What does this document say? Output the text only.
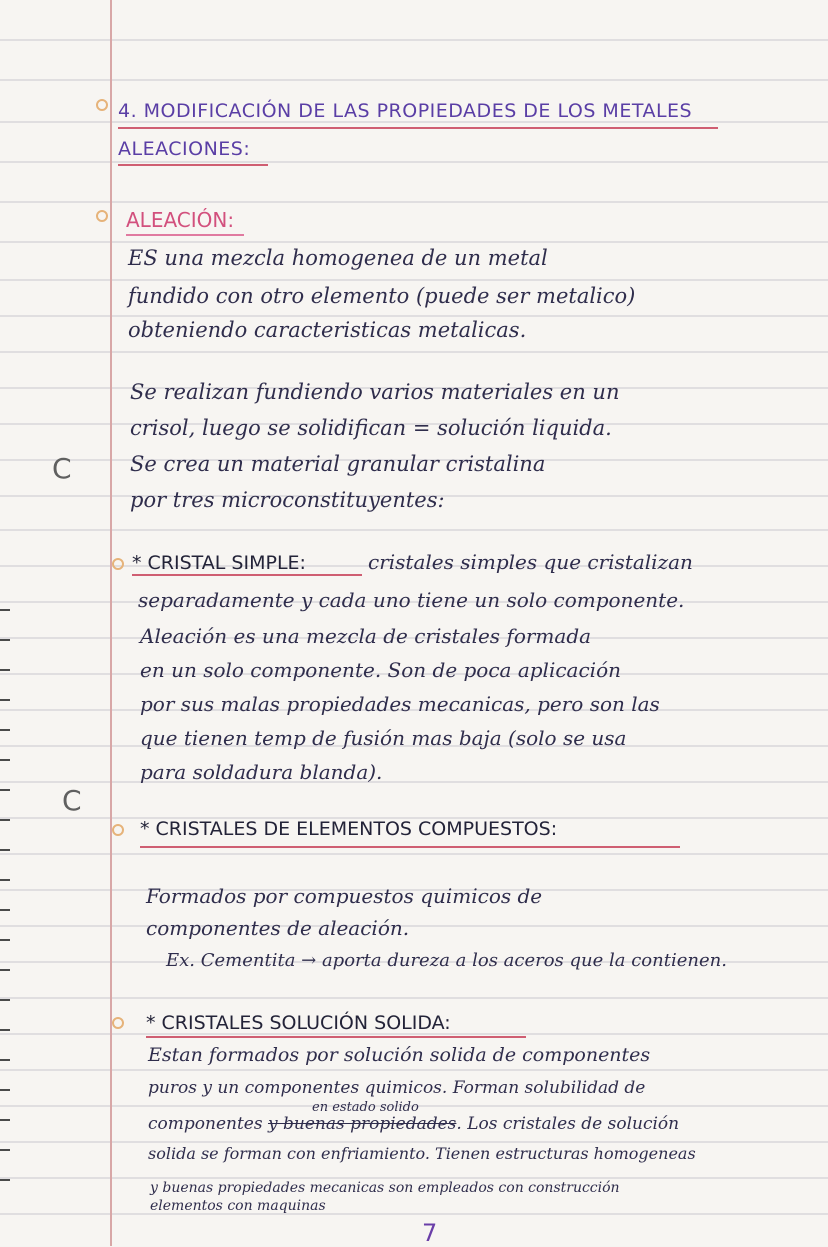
C
C
4. MODIFICACIÓN DE LAS PROPIEDADES DE LOS METALES
ALEACIONES:
ALEACIÓN:
ES una mezcla homogenea de un metal
fundido con otro elemento (puede ser metalico)
obteniendo caracteristicas metalicas.
Se realizan fundiendo varios materiales en un
crisol, luego se solidifican = solución liquida.
Se crea un material granular cristalina
por tres microconstituyentes:
* CRISTAL SIMPLE:	cristales simples que cristalizan
separadamente y cada uno tiene un solo componente.
Aleación es una mezcla de cristales formada
en un solo componente. Son de poca aplicación
por sus malas propiedades mecanicas, pero son las
que tienen temp de fusión mas baja (solo se usa
para soldadura blanda).
* CRISTALES DE ELEMENTOS COMPUESTOS:
Formados por compuestos quimicos de
componentes de aleación.
Ex. Cementita → aporta dureza a los aceros que la contienen.
* CRISTALES SOLUCIÓN SOLIDA:
Estan formados por solución solida de componentes
puros y un componentes quimicos. Forman solubilidad de
en estado solido
componentes y buenas propiedades. Los cristales de solución
solida se forman con enfriamiento. Tienen estructuras homogeneas
y buenas propiedades mecanicas son empleados con construcción
elementos con maquinas
7
